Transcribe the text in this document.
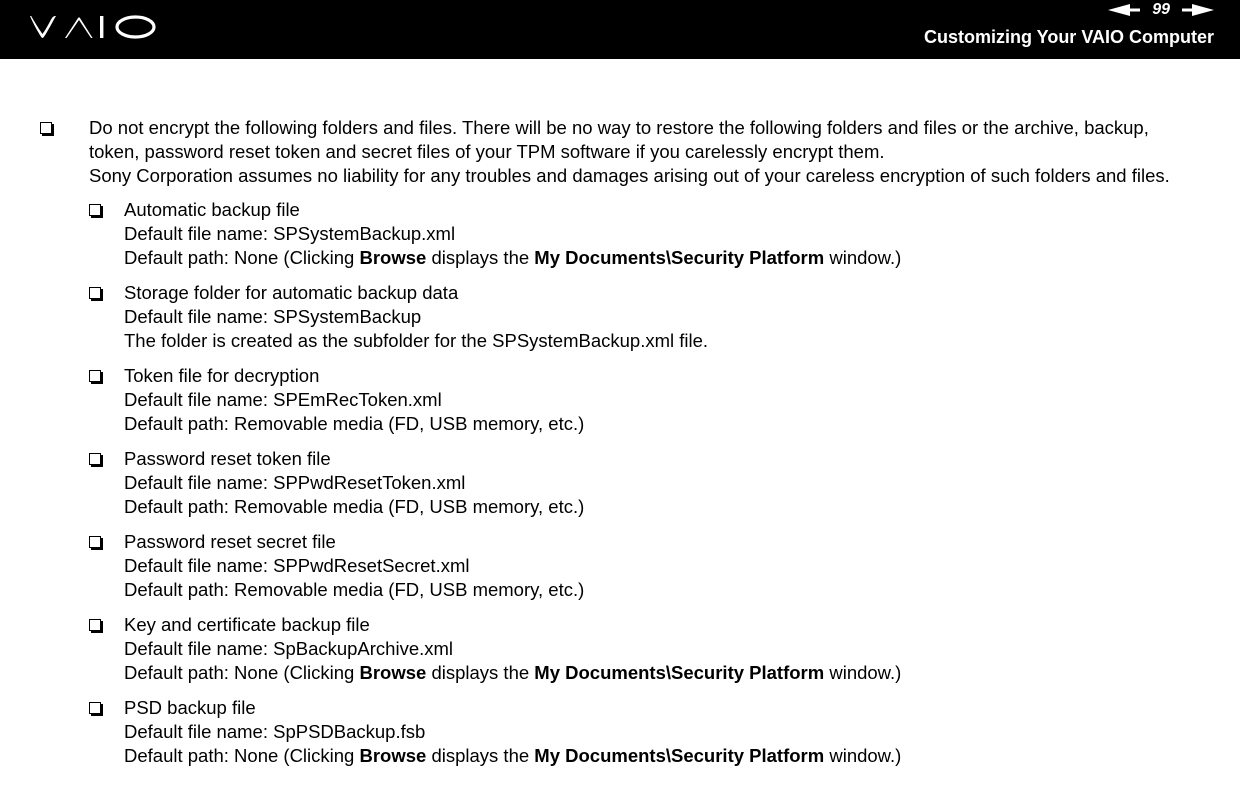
99
Customizing Your VAIO Computer

Do not encrypt the following folders and files. There will be no way to restore the following folders and files or the archive, backup, token, password reset token and secret files of your TPM software if you carelessly encrypt them.

Sony Corporation assumes no liability for any troubles and damages arising out of your careless encryption of such folders and files.

Automatic backup file
Default file name: SPSystemBackup.xml
Default path: None (Clicking Browse displays the My Documents\Security Platform window.)
Storage folder for automatic backup data
Default file name: SPSystemBackup
The folder is created as the subfolder for the SPSystemBackup.xml file.
Token file for decryption
Default file name: SPEmRecToken.xml
Default path: Removable media (FD, USB memory, etc.)
Password reset token file
Default file name: SPPwdResetToken.xml
Default path: Removable media (FD, USB memory, etc.)
Password reset secret file
Default file name: SPPwdResetSecret.xml
Default path: Removable media (FD, USB memory, etc.)
Key and certificate backup file
Default file name: SpBackupArchive.xml
Default path: None (Clicking Browse displays the My Documents\Security Platform window.)
PSD backup file
Default file name: SpPSDBackup.fsb
Default path: None (Clicking Browse displays the My Documents\Security Platform window.)
